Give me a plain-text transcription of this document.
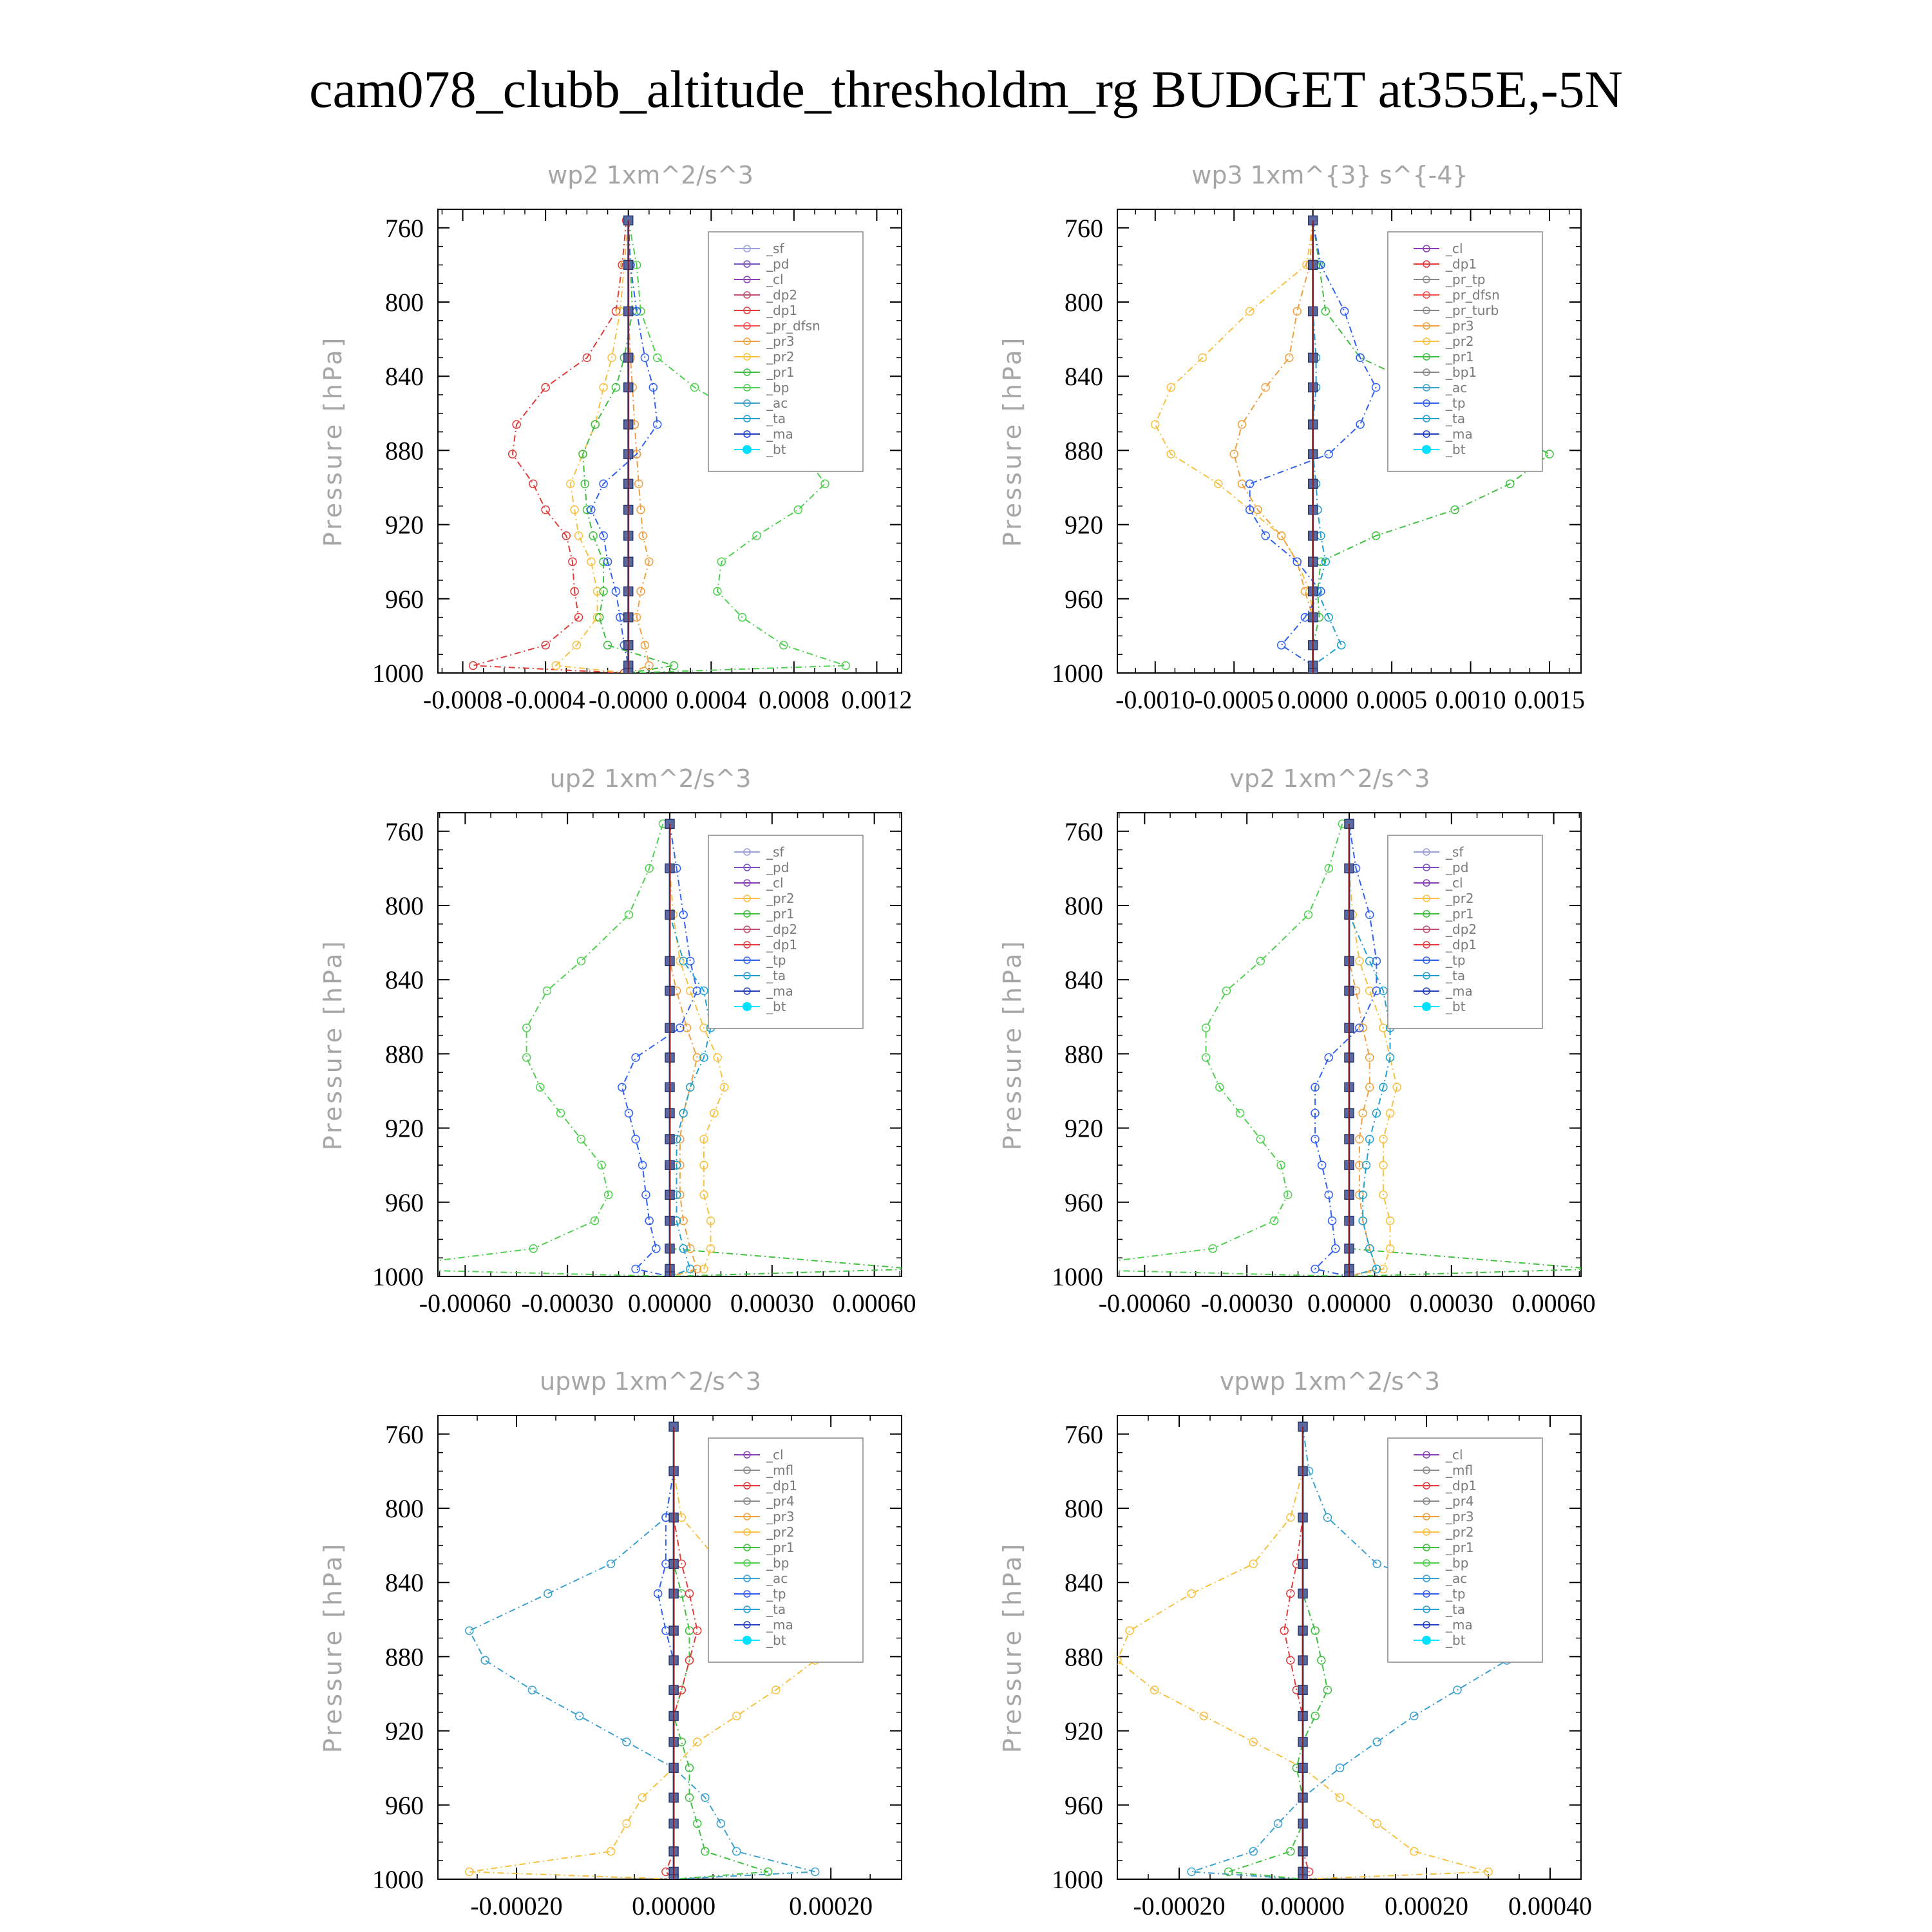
cam078_clubb_altitude_thresholdm_rg BUDGET at355E,-5N
wp2 1xm^2/s^3
Pressure [hPa]
760
800
840
880
920
960
1000
-0.0008 -0.0004 -0.0000 0.0004 0.0008 0.0012
_sf
_pd
_cl
_dp2
_dp1
_pr_dfsn
_pr3
_pr2
_pr1
_bp
_ac
_ta
_ma
_bt
wp3 1xm^{3} s^{-4}
Pressure [hPa]
760
800
840
880
920
960
1000
-0.0010 -0.0005 0.0000 0.0005 0.0010 0.0015
_cl
_dp1
_pr_tp
_pr_dfsn
_pr_turb
_pr3
_pr2
_pr1
_bp1
_ac
_tp
_ta
_ma
_bt
up2 1xm^2/s^3
Pressure [hPa]
760
800
840
880
920
960
1000
-0.00060 -0.00030 0.00000 0.00030 0.00060
_sf
_pd
_cl
_pr2
_pr1
_dp2
_dp1
_tp
_ta
_ma
_bt
vp2 1xm^2/s^3
Pressure [hPa]
760
800
840
880
920
960
1000
-0.00060 -0.00030 0.00000 0.00030 0.00060
_sf
_pd
_cl
_pr2
_pr1
_dp2
_dp1
_tp
_ta
_ma
_bt
upwp 1xm^2/s^3
Pressure [hPa]
760
800
840
880
920
960
1000
-0.00020	0.00000	0.00020
_cl
_mfl
_dp1
_pr4
_pr3
_pr2
_pr1
_bp
_ac
_tp
_ta
_ma
_bt
vpwp 1xm^2/s^3
Pressure [hPa]
760
800
840
880
920
960
1000
-0.00020 0.00000 0.00020 0.00040
_cl
_mfl
_dp1
_pr4
_pr3
_pr2
_pr1
_bp
_ac
_tp
_ta
_ma
_bt
